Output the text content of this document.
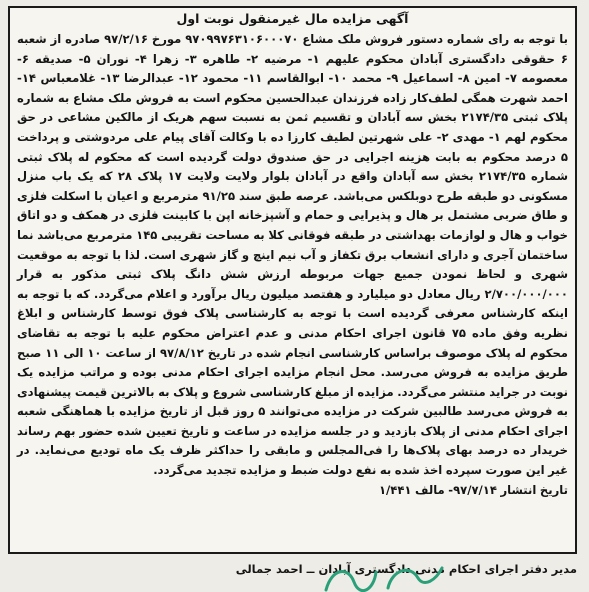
آگهی مزایده مال غیرمنقول نوبت اول
با توجه به رای شماره دستور فروش ملک مشاع ۹۷۰۹۹۷۶۳۱۰۶۰۰۰۷۰ مورخ ۹۷/۲/۱۶ صادره از شعبه ۶ حقوقی دادگستری آبادان محکوم علیهم ۱- مرضیه ۲- طاهره ۳- زهرا ۴- نوران ۵- صدیقه ۶- معصومه ۷- امین ۸- اسماعیل ۹- محمد ۱۰- ابوالقاسم ۱۱- محمود ۱۲- عبدالرضا ۱۳- غلامعباس ۱۴- احمد شهرت همگی لطف‌کار زاده فرزندان عبدالحسین محکوم است به فروش ملک مشاع به شماره پلاک ثبتی ۲۱۷۴/۳۵ بخش سه آبادان و تقسیم ثمن به نسبت سهم هریک از مالکین مشاعی در حق محکوم لهم ۱- مهدی ۲- علی شهرتین لطیف کارزا ده با وکالت آقای پیام علی مردوشتی و پرداخت ۵ درصد محکوم به بابت هزینه اجرایی در حق صندوق دولت گردیده است که محکوم له پلاک ثبتی شماره ۲۱۷۴/۳۵ بخش سه آبادان واقع در آبادان بلوار ولایت ولایت ۱۷ پلاک ۲۸ که یک باب منزل مسکونی دو طبقه طرح دوبلکس می‌باشد. عرصه طبق سند ۹۱/۲۵ مترمربع و اعیان با اسکلت فلزی و طاق ضربی مشتمل بر هال و پذیرایی و حمام و آشپزخانه اپن با کابینت فلزی در همکف و دو اتاق خواب و هال و لوازمات بهداشتی در طبقه فوقانی کلا به مساحت تقریبی ۱۴۵ مترمربع می‌باشد نما ساختمان آجری و دارای انشعاب برق تکفاز و آب نیم اینچ و گاز شهری است. لذا با توجه به موقعیت شهری و لحاظ نمودن جمیع جهات مربوطه ارزش شش دانگ پلاک ثبتی مذکور به قرار ۲/۷۰۰/۰۰۰/۰۰۰ ریال معادل دو میلیارد و هفتصد میلیون ریال برآورد و اعلام می‌گردد. که با توجه به اینکه کارشناس معرفی گردیده است با توجه به کارشناسی پلاک فوق توسط کارشناس و ابلاغ نظریه وفق ماده ۷۵ قانون اجرای احکام مدنی و عدم اعتراض محکوم علیه با توجه به تقاضای محکوم له پلاک موصوف براساس کارشناسی انجام شده در تاریخ ۹۷/۸/۱۲ از ساعت ۱۰ الی ۱۱ صبح طریق مزایده به فروش می‌رسد. محل انجام مزایده اجرای احکام مدنی بوده و مراتب مزایده یک نوبت در جراید منتشر می‌گردد. مزایده از مبلغ کارشناسی شروع و پلاک به بالاترین قیمت پیشنهادی به فروش می‌رسد طالبین شرکت در مزایده می‌توانند ۵ روز قبل از تاریخ مزایده با هماهنگی شعبه اجرای احکام مدنی از پلاک بازدید و در جلسه مزایده در ساعت و تاریخ تعیین شده حضور بهم رساند خریدار ده درصد بهای پلاک‌ها را فی‌المجلس و مابقی را حداکثر ظرف یک ماه تودیع می‌نماید. در غیر این صورت سپرده اخذ شده به نفع دولت ضبط و مزایده تجدید می‌گردد.
تاریخ انتشار ۹۷/۷/۱۴- مالف ۱/۴۴۱
مدیر دفتر اجرای احکام مدنی دادگستری آبادان ــ احمد جمالی
